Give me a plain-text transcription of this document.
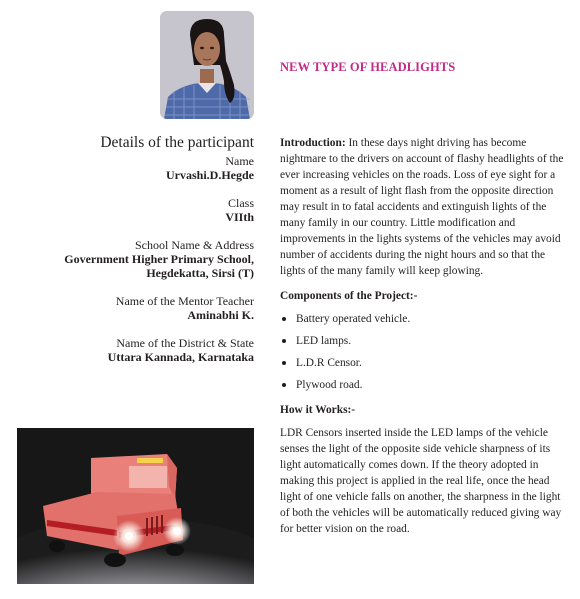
NEW TYPE OF HEADLIGHTS
Details of the participant
Name
Urvashi.D.Hegde
Class
VIIth
School Name & Address
Government Higher Primary School,
Hegdekatta, Sirsi (T)
Name of the Mentor Teacher
Aminabhi K.
Name of the District & State
Uttara Kannada, Karnataka

Introduction: In these days night driving has become nightmare to the drivers on account of flashy headlights of the ever increasing vehicles on the roads. Loss of eye sight for a moment as a result of light flash from the opposite direction may result in to fatal accidents and extinguish lights of the many family in our country. Little modification and improvements in the lights systems of the vehicles may avoid number of accidents during the night hours and so that the lights of the many family will keep glowing.

Components of the Project:-
Battery operated vehicle.
LED lamps.
L.D.R Censor.
Plywood road.
How it Works:-

LDR Censors inserted inside the LED lamps of the vehicle senses the light of the opposite side vehicle sharpness of its light automatically comes down. If the theory adopted in making this project is applied in the real life, once the head light of one vehicle falls on another, the sharpness in the light of both the vehicles will be automatically reduced giving way for better vision on the road.
